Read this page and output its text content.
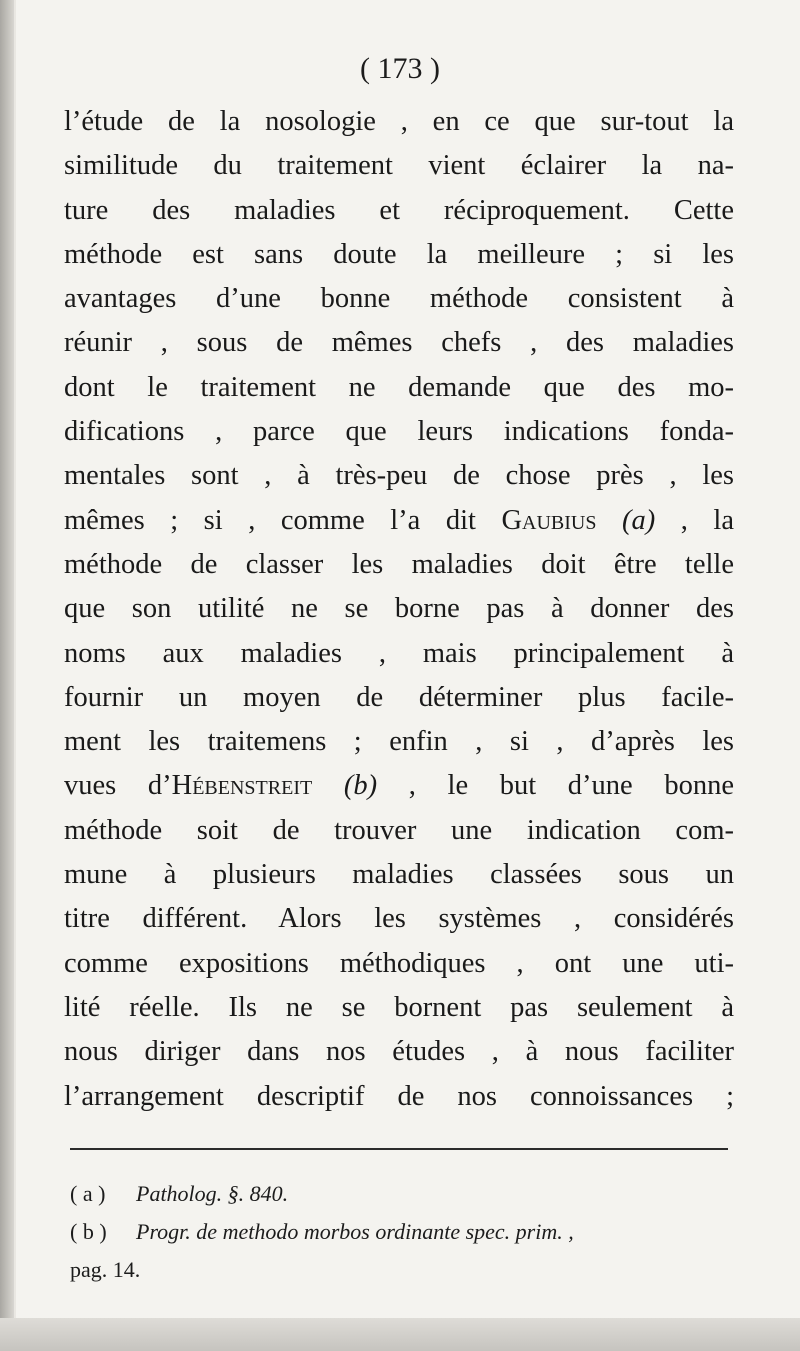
( 173 )
l’étude de la nosologie , en ce que sur-tout la
similitude du traitement vient éclairer la na-
ture des maladies et réciproquement. Cette
méthode est sans doute la meilleure ; si les
avantages d’une bonne méthode consistent à
réunir , sous de mêmes chefs , des maladies
dont le traitement ne demande que des mo-
difications , parce que leurs indications fonda-
mentales sont , à très-peu de chose près , les
mêmes ; si , comme l’a dit Gaubius (a) , la
méthode de classer les maladies doit être telle
que son utilité ne se borne pas à donner des
noms aux maladies , mais principalement à
fournir un moyen de déterminer plus facile-
ment les traitemens ; enfin , si , d’après les
vues d’Hébenstreit (b) , le but d’une bonne
méthode soit de trouver une indication com-
mune à plusieurs maladies classées sous un
titre différent. Alors les systèmes , considérés
comme expositions méthodiques , ont une uti-
lité réelle. Ils ne se bornent pas seulement à
nous diriger dans nos études , à nous faciliter
l’arrangement descriptif de nos connoissances ;
( a ) Patholog. §. 840.
( b ) Progr. de methodo morbos ordinante spec. prim. ,
pag. 14.
